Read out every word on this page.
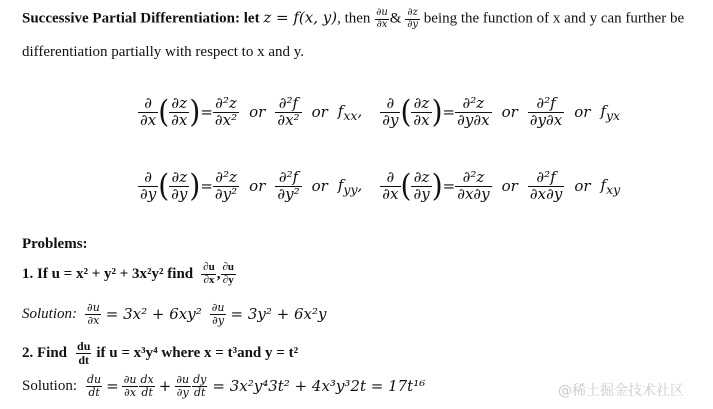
Successive Partial Differentiation: let z = f(x, y), then $\frac{\partial u}{\partial x}$ & $\frac{\partial z}{\partial y}$ being the function of x and y can further be
differentiation partially with respect to x and y.
$\frac{\partial}{\partial x}$ ( $\frac{\partial z}{\partial x}$ ) = $\frac{\text{∂²z}}{\text{∂x²}}$ or $\frac{\text{∂²f}}{\text{∂x²}}$ or $f_{xx}$, $\frac{\partial}{\partial y}$ ( $\frac{\partial z}{\partial x}$ ) = $\frac{\text{∂²z}}{\partial y\partial x}$ or $\frac{\text{∂²f}}{\partial y\partial x}$ or $f_{yx}$
$\frac{\partial}{\partial y}$ ( $\frac{\partial z}{\partial y}$ ) = $\frac{\text{∂²z}}{\text{∂y²}}$ or $\frac{\text{∂²f}}{\text{∂y²}}$ or $f_{yy}$, $\frac{\partial}{\partial x}$ ( $\frac{\partial z}{\partial y}$ ) = $\frac{\text{∂²z}}{\partial x\partial y}$ or $\frac{\text{∂²f}}{\partial x\partial y}$ or $f_{xy}$
Problems:
1. If u = x² + y² + 3x²y² find $\frac{\partial u}{\partial x}$ , $\frac{\partial u}{\partial y}$
Solution: $\frac{\partial u}{\partial x} = 3x^2 + 6xy^2 \frac{\partial u}{\partial y} = 3y^2 + 6x^2y$
2. Find $\frac{du}{dt}$ if u = x³y⁴ where x = t³and y = t²
Solution: $\frac{du}{dt} = \frac{\partial u}{\partial x} \frac{dx}{dt} + \frac{\partial u}{\partial y} \frac{dy}{dt} = 3x^2y^43t^2 + 4x^3y^32t = 17t^{16}$	@稀土掘金技术社区
